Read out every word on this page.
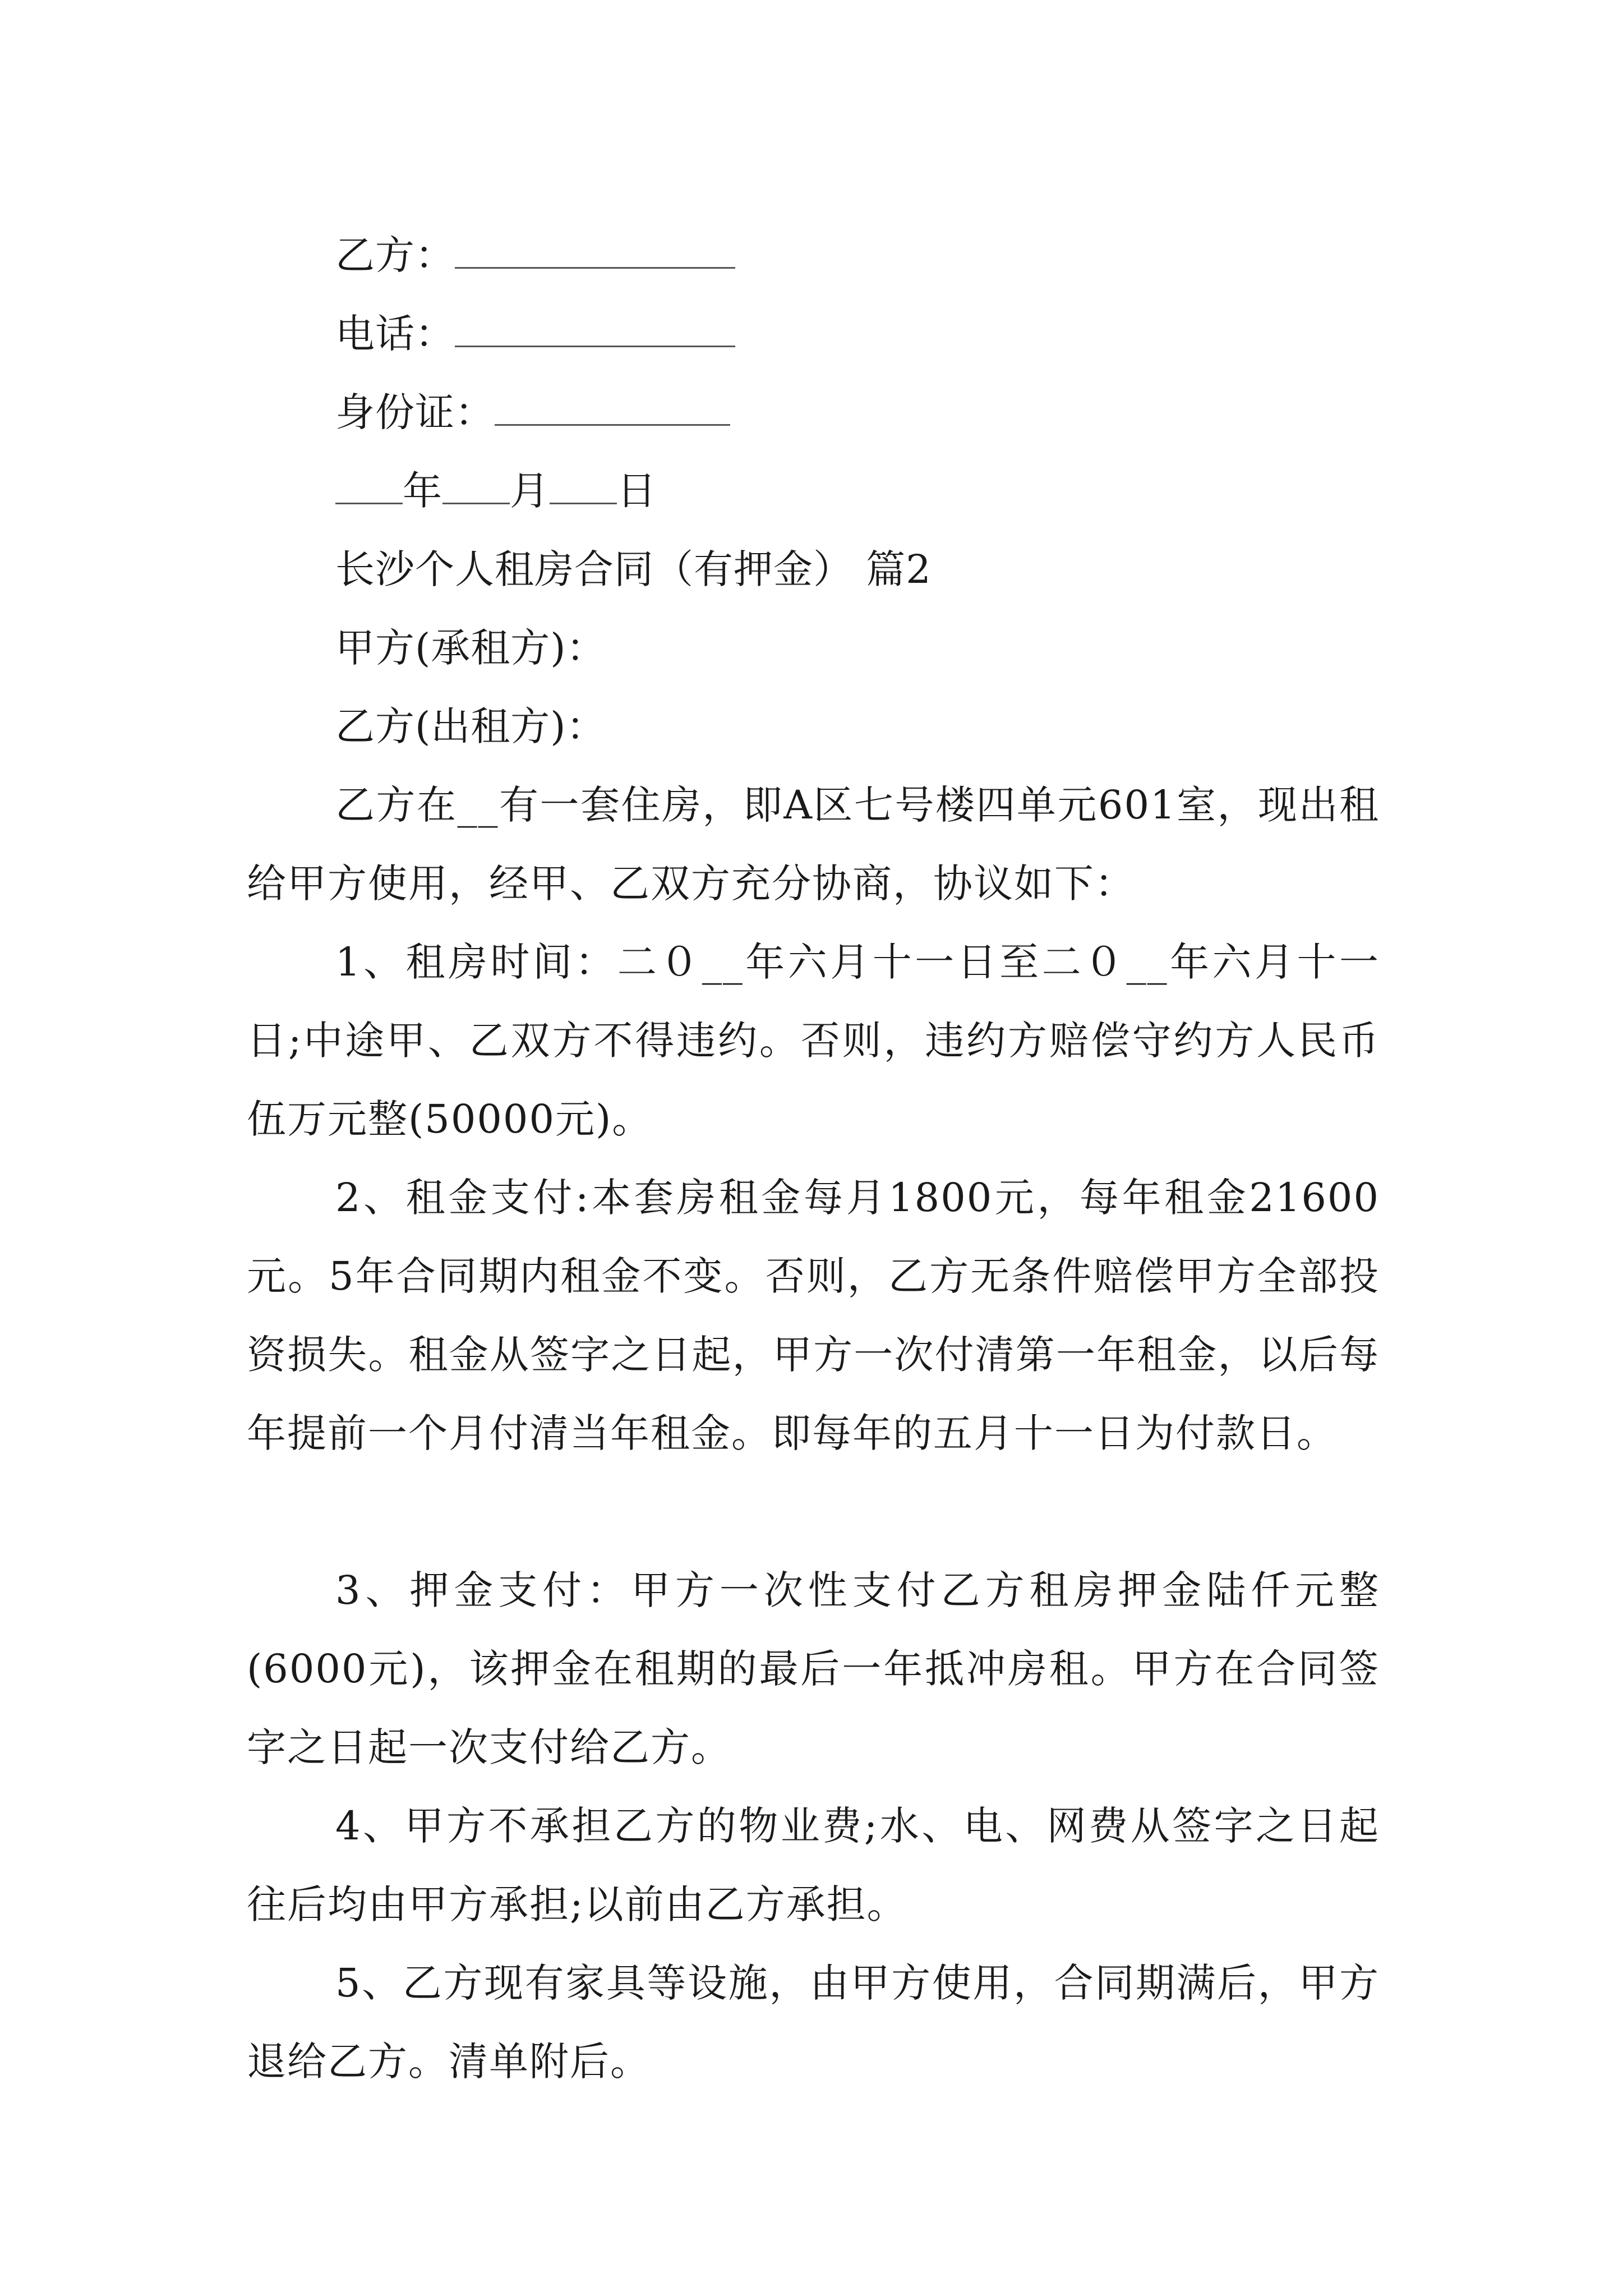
乙方：
电话：
身份证：
年 月 日
长沙个人租房合同（有押金） 篇2
甲方(承租方)：
乙方(出租方)：
乙方在__有一套住房，即A区七号楼四单元601室，现出租给甲方使用，经甲、乙双方充分协商，协议如下：
1、租房时间：二０__年六月十一日至二０__年六月十一日;中途甲、乙双方不得违约。否则，违约方赔偿守约方人民币伍万元整(50000元)。
2、租金支付:本套房租金每月1800元，每年租金21600元。5年合同期内租金不变。否则，乙方无条件赔偿甲方全部投资损失。租金从签字之日起，甲方一次付清第一年租金，以后每年提前一个月付清当年租金。即每年的五月十一日为付款日。
3、押金支付：甲方一次性支付乙方租房押金陆仟元整(6000元)，该押金在租期的最后一年抵冲房租。甲方在合同签字之日起一次支付给乙方。
4、甲方不承担乙方的物业费;水、电、网费从签字之日起往后均由甲方承担;以前由乙方承担。
5、乙方现有家具等设施，由甲方使用，合同期满后，甲方退给乙方。清单附后。
